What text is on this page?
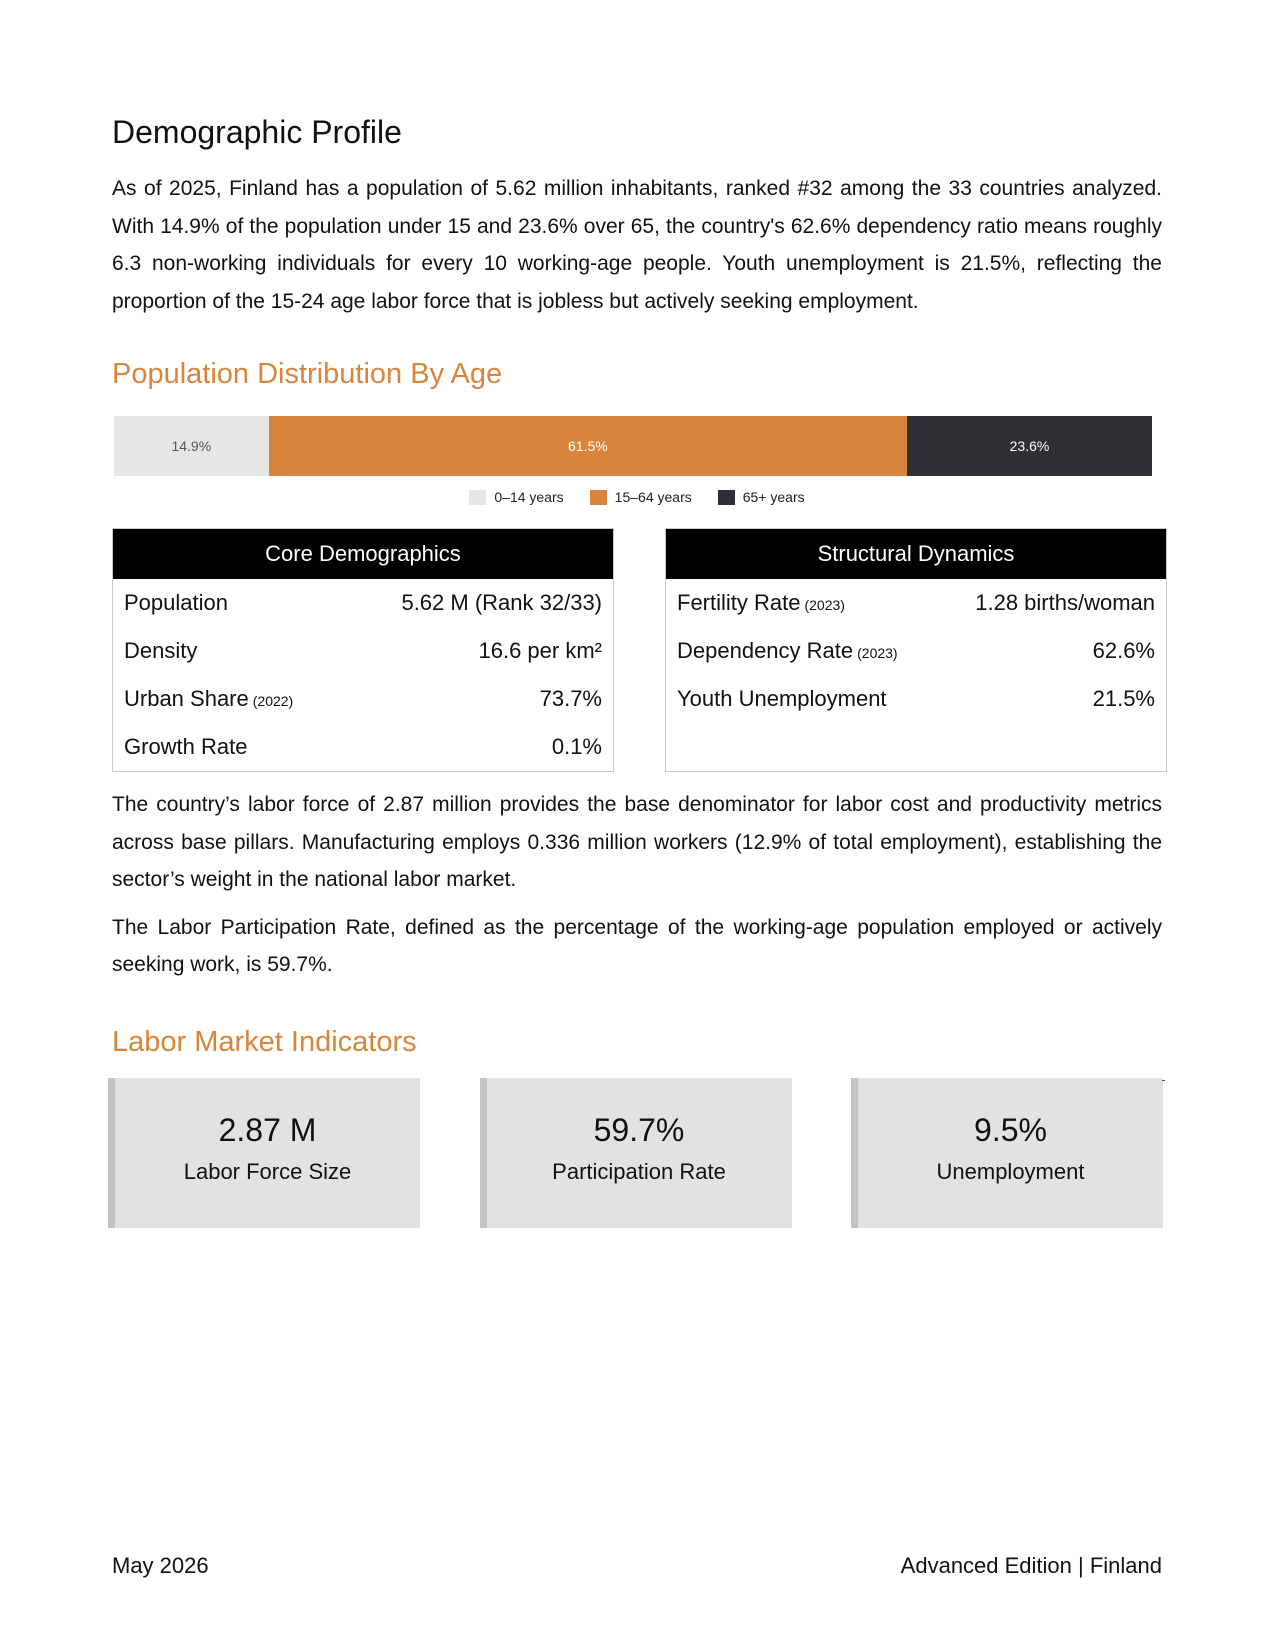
Demographic Profile

As of 2025, Finland has a population of 5.62 million inhabitants, ranked #32 among the 33 countries analyzed. With 14.9% of the population under 15 and 23.6% over 65, the country's 62.6% dependency ratio means roughly 6.3 non-working individuals for every 10 working-age people. Youth unemployment is 21.5%, reflecting the proportion of the 15-24 age labor force that is jobless but actively seeking employment.

Population Distribution By Age
14.9%	61.5%	23.6%
0–14 years	15–64 years	65+ years
Core Demographics
Population	5.62 M (Rank 32/33)
Density	16.6 per km²
Urban Share (2022)	73.7%
Growth Rate	0.1%
Structural Dynamics
Fertility Rate (2023)	1.28 births/woman
Dependency Rate (2023)	62.6%
Youth Unemployment	21.5%

The country’s labor force of 2.87 million provides the base denominator for labor cost and productivity metrics across base pillars. Manufacturing employs 0.336 million workers (12.9% of total employment), establishing the sector’s weight in the national labor market.

The Labor Participation Rate, defined as the percentage of the working-age population employed or actively seeking work, is 59.7%.

Labor Market Indicators
2.87 M
Labor Force Size
59.7%
Participation Rate
9.5%
Unemployment
May 2026	Advanced Edition | Finland
